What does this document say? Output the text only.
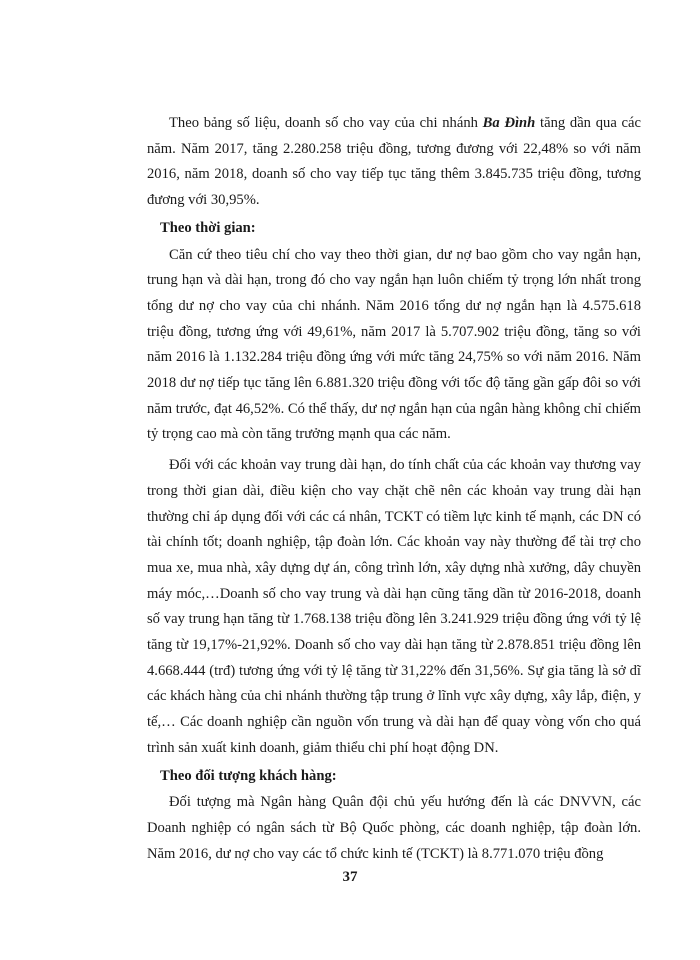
Theo bảng số liệu, doanh số cho vay của chi nhánh Ba Đình tăng dần qua các năm. Năm 2017, tăng 2.280.258 triệu đồng, tương đương với 22,48% so với năm 2016, năm 2018, doanh số cho vay tiếp tục tăng thêm 3.845.735 triệu đồng, tương đương với 30,95%.

Theo thời gian:

Căn cứ theo tiêu chí cho vay theo thời gian, dư nợ bao gồm cho vay ngắn hạn, trung hạn và dài hạn, trong đó cho vay ngắn hạn luôn chiếm tỷ trọng lớn nhất trong tổng dư nợ cho vay của chi nhánh. Năm 2016 tổng dư nợ ngắn hạn là 4.575.618 triệu đồng, tương ứng với 49,61%, năm 2017 là 5.707.902 triệu đồng, tăng so với năm 2016 là 1.132.284 triệu đồng ứng với mức tăng 24,75% so với năm 2016. Năm 2018 dư nợ tiếp tục tăng lên 6.881.320 triệu đồng với tốc độ tăng gần gấp đôi so với năm trước, đạt 46,52%. Có thể thấy, dư nợ ngắn hạn của ngân hàng không chỉ chiếm tỷ trọng cao mà còn tăng trưởng mạnh qua các năm.

Đối với các khoản vay trung dài hạn, do tính chất của các khoản vay thương vay trong thời gian dài, điều kiện cho vay chặt chẽ nên các khoản vay trung dài hạn thường chỉ áp dụng đối với các cá nhân, TCKT có tiềm lực kinh tế mạnh, các DN có tài chính tốt; doanh nghiệp, tập đoàn lớn. Các khoản vay này thường để tài trợ cho mua xe, mua nhà, xây dựng dự án, công trình lớn, xây dựng nhà xưởng, dây chuyền máy móc,…Doanh số cho vay trung và dài hạn cũng tăng dần từ 2016-2018, doanh số vay trung hạn tăng từ 1.768.138 triệu đồng lên 3.241.929 triệu đồng ứng với tỷ lệ tăng từ 19,17%-21,92%. Doanh số cho vay dài hạn tăng từ 2.878.851 triệu đồng lên 4.668.444 (trđ) tương ứng với tỷ lệ tăng từ 31,22% đến 31,56%. Sự gia tăng là sở dĩ các khách hàng của chi nhánh thường tập trung ở lĩnh vực xây dựng, xây lắp, điện, y tế,… Các doanh nghiệp cần nguồn vốn trung và dài hạn để quay vòng vốn cho quá trình sản xuất kinh doanh, giảm thiểu chi phí hoạt động DN.

Theo đối tượng khách hàng:

Đối tượng mà Ngân hàng Quân đội chủ yếu hướng đến là các DNVVN, các Doanh nghiệp có ngân sách từ Bộ Quốc phòng, các doanh nghiệp, tập đoàn lớn. Năm 2016, dư nợ cho vay các tổ chức kinh tế (TCKT) là 8.771.070 triệu đồng

37
